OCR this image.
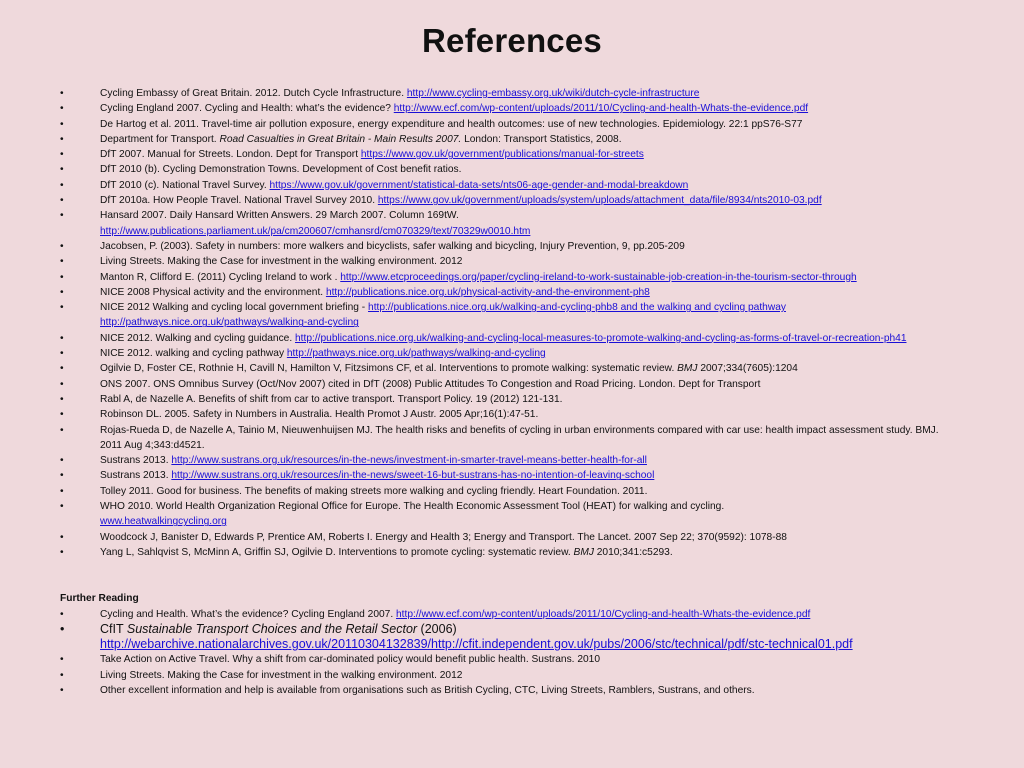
References
• Cycling Embassy of Great Britain. 2012. Dutch Cycle Infrastructure. http://www.cycling-embassy.org.uk/wiki/dutch-cycle-infrastructure
• Cycling England 2007. Cycling and Health: what’s the evidence? http://www.ecf.com/wp-content/uploads/2011/10/Cycling-and-health-Whats-the-evidence.pdf
• De Hartog et al. 2011. Travel-time air pollution exposure, energy expenditure and health outcomes: use of new technologies. Epidemiology. 22:1 ppS76-S77
• Department for Transport. Road Casualties in Great Britain - Main Results 2007. London: Transport Statistics, 2008.
• DfT 2007. Manual for Streets. London. Dept for Transport https://www.gov.uk/government/publications/manual-for-streets
• DfT 2010 (b). Cycling Demonstration Towns. Development of Cost benefit ratios.
• DfT 2010 (c). National Travel Survey. https://www.gov.uk/government/statistical-data-sets/nts06-age-gender-and-modal-breakdown
• DfT 2010a. How People Travel. National Travel Survey 2010. https://www.gov.uk/government/uploads/system/uploads/attachment_data/file/8934/nts2010-03.pdf
• Hansard 2007. Daily Hansard Written Answers. 29 March 2007. Column 169tW.
http://www.publications.parliament.uk/pa/cm200607/cmhansrd/cm070329/text/70329w0010.htm
• Jacobsen, P. (2003). Safety in numbers: more walkers and bicyclists, safer walking and bicycling, Injury Prevention, 9, pp.205-209
• Living Streets. Making the Case for investment in the walking environment. 2012
• Manton R, Clifford E. (2011) Cycling Ireland to work . http://www.etcproceedings.org/paper/cycling-ireland-to-work-sustainable-job-creation-in-the-tourism-sector-through
• NICE 2008 Physical activity and the environment. http://publications.nice.org.uk/physical-activity-and-the-environment-ph8
• NICE 2012 Walking and cycling local government briefing - http://publications.nice.org.uk/walking-and-cycling-phb8 and the walking and cycling pathway http://pathways.nice.org.uk/pathways/walking-and-cycling
• NICE 2012. Walking and cycling guidance. http://publications.nice.org.uk/walking-and-cycling-local-measures-to-promote-walking-and-cycling-as-forms-of-travel-or-recreation-ph41
• NICE 2012. walking and cycling pathway http://pathways.nice.org.uk/pathways/walking-and-cycling
• Ogilvie D, Foster CE, Rothnie H, Cavill N, Hamilton V, Fitzsimons CF, et al. Interventions to promote walking: systematic review. BMJ 2007;334(7605):1204
• ONS 2007. ONS Omnibus Survey (Oct/Nov 2007) cited in DfT (2008) Public Attitudes To Congestion and Road Pricing. London. Dept for Transport
• Rabl A, de Nazelle A. Benefits of shift from car to active transport. Transport Policy. 19 (2012) 121-131.
• Robinson DL. 2005. Safety in Numbers in Australia. Health Promot J Austr. 2005 Apr;16(1):47-51.
• Rojas-Rueda D, de Nazelle A, Tainio M, Nieuwenhuijsen MJ. The health risks and benefits of cycling in urban environments compared with car use: health impact assessment study. BMJ. 2011 Aug 4;343:d4521.
• Sustrans 2013. http://www.sustrans.org.uk/resources/in-the-news/investment-in-smarter-travel-means-better-health-for-all
• Sustrans 2013. http://www.sustrans.org.uk/resources/in-the-news/sweet-16-but-sustrans-has-no-intention-of-leaving-school
• Tolley 2011. Good for business. The benefits of making streets more walking and cycling friendly. Heart Foundation. 2011.
• WHO 2010. World Health Organization Regional Office for Europe. The Health Economic Assessment Tool (HEAT) for walking and cycling.
www.heatwalkingcycling.org
• Woodcock J, Banister D, Edwards P, Prentice AM, Roberts I. Energy and Health 3; Energy and Transport. The Lancet. 2007 Sep 22; 370(9592): 1078-88
• Yang L, Sahlqvist S, McMinn A, Griffin SJ, Ogilvie D. Interventions to promote cycling: systematic review. BMJ 2010;341:c5293.
Further Reading
• Cycling and Health. What’s the evidence? Cycling England 2007. http://www.ecf.com/wp-content/uploads/2011/10/Cycling-and-health-Whats-the-evidence.pdf
• CfIT Sustainable Transport Choices and the Retail Sector (2006)
http://webarchive.nationalarchives.gov.uk/20110304132839/http://cfit.independent.gov.uk/pubs/2006/stc/technical/pdf/stc-technical01.pdf
• Take Action on Active Travel. Why a shift from car-dominated policy would benefit public health. Sustrans. 2010
• Living Streets. Making the Case for investment in the walking environment. 2012
• Other excellent information and help is available from organisations such as British Cycling, CTC, Living Streets, Ramblers, Sustrans, and others.
